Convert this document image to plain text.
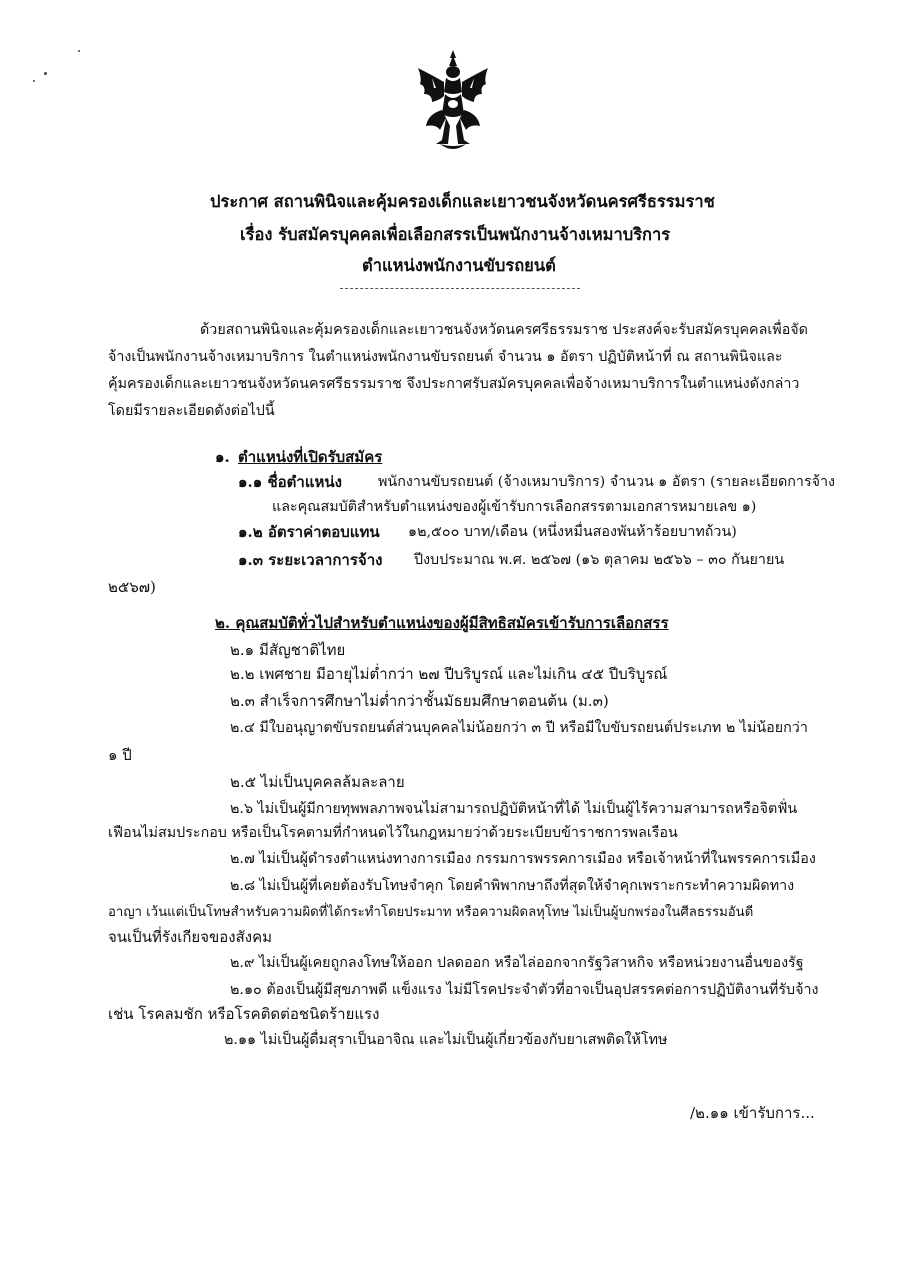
ประกาศ สถานพินิจและคุ้มครองเด็กและเยาวชนจังหวัดนครศรีธรรมราช
เรื่อง รับสมัครบุคคลเพื่อเลือกสรรเป็นพนักงานจ้างเหมาบริการ
ตำแหน่งพนักงานขับรถยนต์
ด้วยสถานพินิจและคุ้มครองเด็กและเยาวชนจังหวัดนครศรีธรรมราช ประสงค์จะรับสมัครบุคคลเพื่อจัด
จ้างเป็นพนักงานจ้างเหมาบริการ ในตำแหน่งพนักงานขับรถยนต์ จำนวน ๑ อัตรา ปฏิบัติหน้าที่ ณ สถานพินิจและ
คุ้มครองเด็กและเยาวชนจังหวัดนครศรีธรรมราช จึงประกาศรับสมัครบุคคลเพื่อจ้างเหมาบริการในตำแหน่งดังกล่าว
โดยมีรายละเอียดดังต่อไปนี้
๑. ตำแหน่งที่เปิดรับสมัคร
๑.๑ ชื่อตำแหน่ง	พนักงานขับรถยนต์ (จ้างเหมาบริการ) จำนวน ๑ อัตรา (รายละเอียดการจ้าง
และคุณสมบัติสำหรับตำแหน่งของผู้เข้ารับการเลือกสรรตามเอกสารหมายเลข ๑)
๑.๒ อัตราค่าตอบแทน ๑๒,๕๐๐ บาท/เดือน (หนึ่งหมื่นสองพันห้าร้อยบาทถ้วน)
๑.๓ ระยะเวลาการจ้าง ปีงบประมาณ พ.ศ. ๒๕๖๗ (๑๖ ตุลาคม ๒๕๖๖ – ๓๐ กันยายน
๒๕๖๗)
๒. คุณสมบัติทั่วไปสำหรับตำแหน่งของผู้มีสิทธิสมัครเข้ารับการเลือกสรร
๒.๑ มีสัญชาติไทย
๒.๒ เพศชาย มีอายุไม่ต่ำกว่า ๒๗ ปีบริบูรณ์ และไม่เกิน ๔๕ ปีบริบูรณ์
๒.๓ สำเร็จการศึกษาไม่ต่ำกว่าชั้นมัธยมศึกษาตอนต้น (ม.๓)
๒.๔ มีใบอนุญาตขับรถยนต์ส่วนบุคคลไม่น้อยกว่า ๓ ปี หรือมีใบขับรถยนต์ประเภท ๒ ไม่น้อยกว่า
๑ ปี
๒.๕ ไม่เป็นบุคคลล้มละลาย
๒.๖ ไม่เป็นผู้มีกายทุพพลภาพจนไม่สามารถปฏิบัติหน้าที่ได้ ไม่เป็นผู้ไร้ความสามารถหรือจิตฟั่น
เฟือนไม่สมประกอบ หรือเป็นโรคตามที่กำหนดไว้ในกฎหมายว่าด้วยระเบียบข้าราชการพลเรือน
๒.๗ ไม่เป็นผู้ดำรงตำแหน่งทางการเมือง กรรมการพรรคการเมือง หรือเจ้าหน้าที่ในพรรคการเมือง
๒.๘ ไม่เป็นผู้ที่เคยต้องรับโทษจำคุก โดยคำพิพากษาถึงที่สุดให้จำคุกเพราะกระทำความผิดทาง
อาญา เว้นแต่เป็นโทษสำหรับความผิดที่ได้กระทำโดยประมาท หรือความผิดลหุโทษ ไม่เป็นผู้บกพร่องในศีลธรรมอันดี
จนเป็นที่รังเกียจของสังคม
๒.๙ ไม่เป็นผู้เคยถูกลงโทษให้ออก ปลดออก หรือไล่ออกจากรัฐวิสาหกิจ หรือหน่วยงานอื่นของรัฐ
๒.๑๐ ต้องเป็นผู้มีสุขภาพดี แข็งแรง ไม่มีโรคประจำตัวที่อาจเป็นอุปสรรคต่อการปฏิบัติงานที่รับจ้าง
เช่น โรคลมชัก หรือโรคติดต่อชนิดร้ายแรง
๒.๑๑ ไม่เป็นผู้ดื่มสุราเป็นอาจิณ และไม่เป็นผู้เกี่ยวข้องกับยาเสพติดให้โทษ
/๒.๑๑ เข้ารับการ...
